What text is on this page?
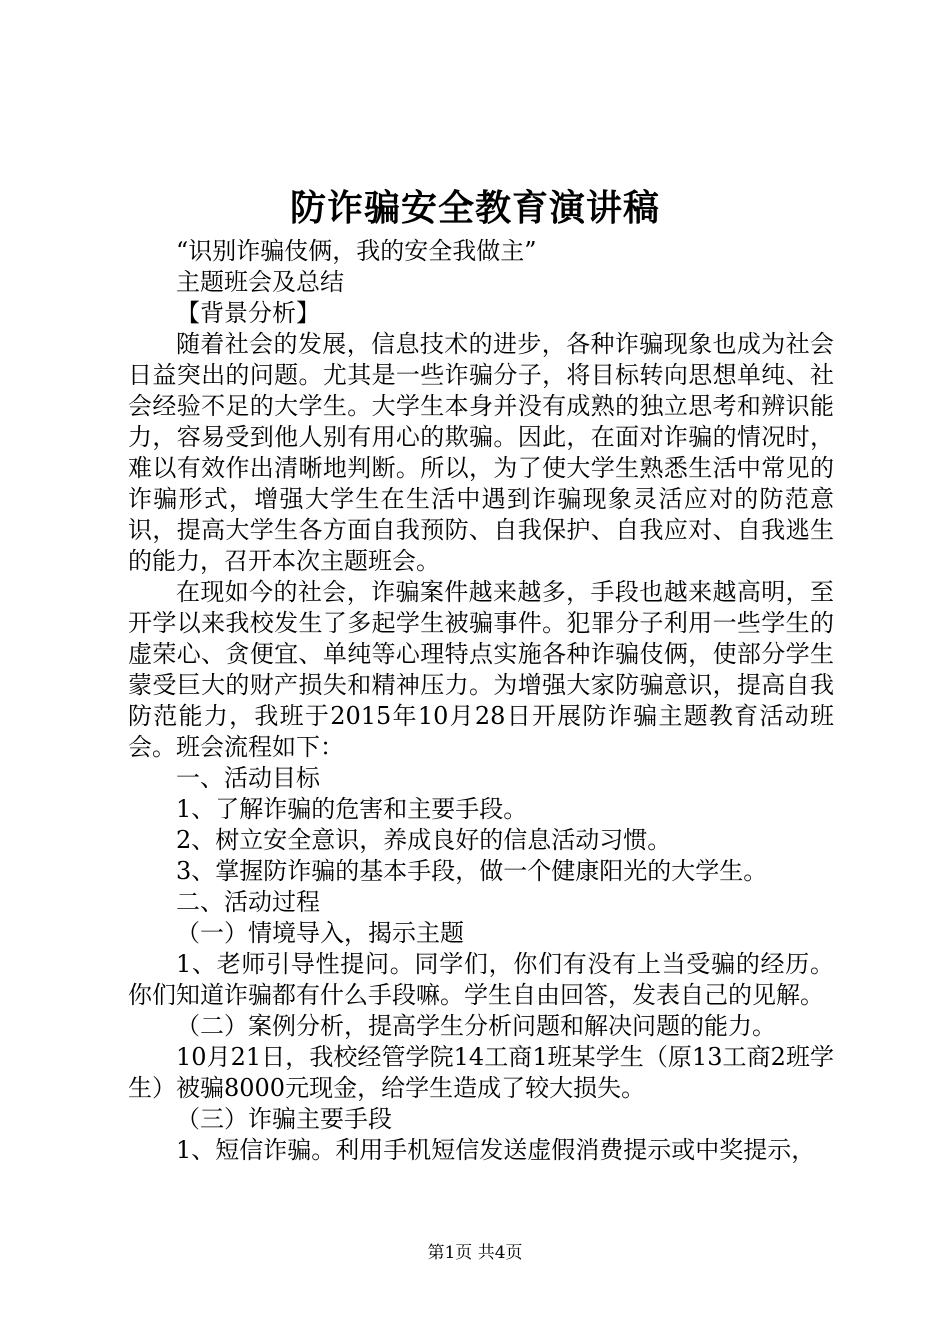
防诈骗安全教育演讲稿

“识别诈骗伎俩，我的安全我做主”

主题班会及总结

【背景分析】

随着社会的发展，信息技术的进步，各种诈骗现象也成为社会日益突出的问题。尤其是一些诈骗分子，将目标转向思想单纯、社会经验不足的大学生。大学生本身并没有成熟的独立思考和辨识能力，容易受到他人别有用心的欺骗。因此，在面对诈骗的情况时，难以有效作出清晰地判断。所以，为了使大学生熟悉生活中常见的诈骗形式，增强大学生在生活中遇到诈骗现象灵活应对的防范意识，提高大学生各方面自我预防、自我保护、自我应对、自我逃生的能力，召开本次主题班会。

在现如今的社会，诈骗案件越来越多，手段也越来越高明，至开学以来我校发生了多起学生被骗事件。犯罪分子利用一些学生的虚荣心、贪便宜、单纯等心理特点实施各种诈骗伎俩，使部分学生蒙受巨大的财产损失和精神压力。为增强大家防骗意识，提高自我防范能力，我班于2015年10月28日开展防诈骗主题教育活动班会。班会流程如下：

一、活动目标

1、了解诈骗的危害和主要手段。

2、树立安全意识，养成良好的信息活动习惯。

3、掌握防诈骗的基本手段，做一个健康阳光的大学生。

二、活动过程

（一）情境导入，揭示主题

1、老师引导性提问。同学们，你们有没有上当受骗的经历。你们知道诈骗都有什么手段嘛。学生自由回答，发表自己的见解。

（二）案例分析，提高学生分析问题和解决问题的能力。

10月21日，我校经管学院14工商1班某学生（原13工商2班学生）被骗8000元现金，给学生造成了较大损失。

（三）诈骗主要手段

1、短信诈骗。利用手机短信发送虚假消费提示或中奖提示，

第1页 共4页
